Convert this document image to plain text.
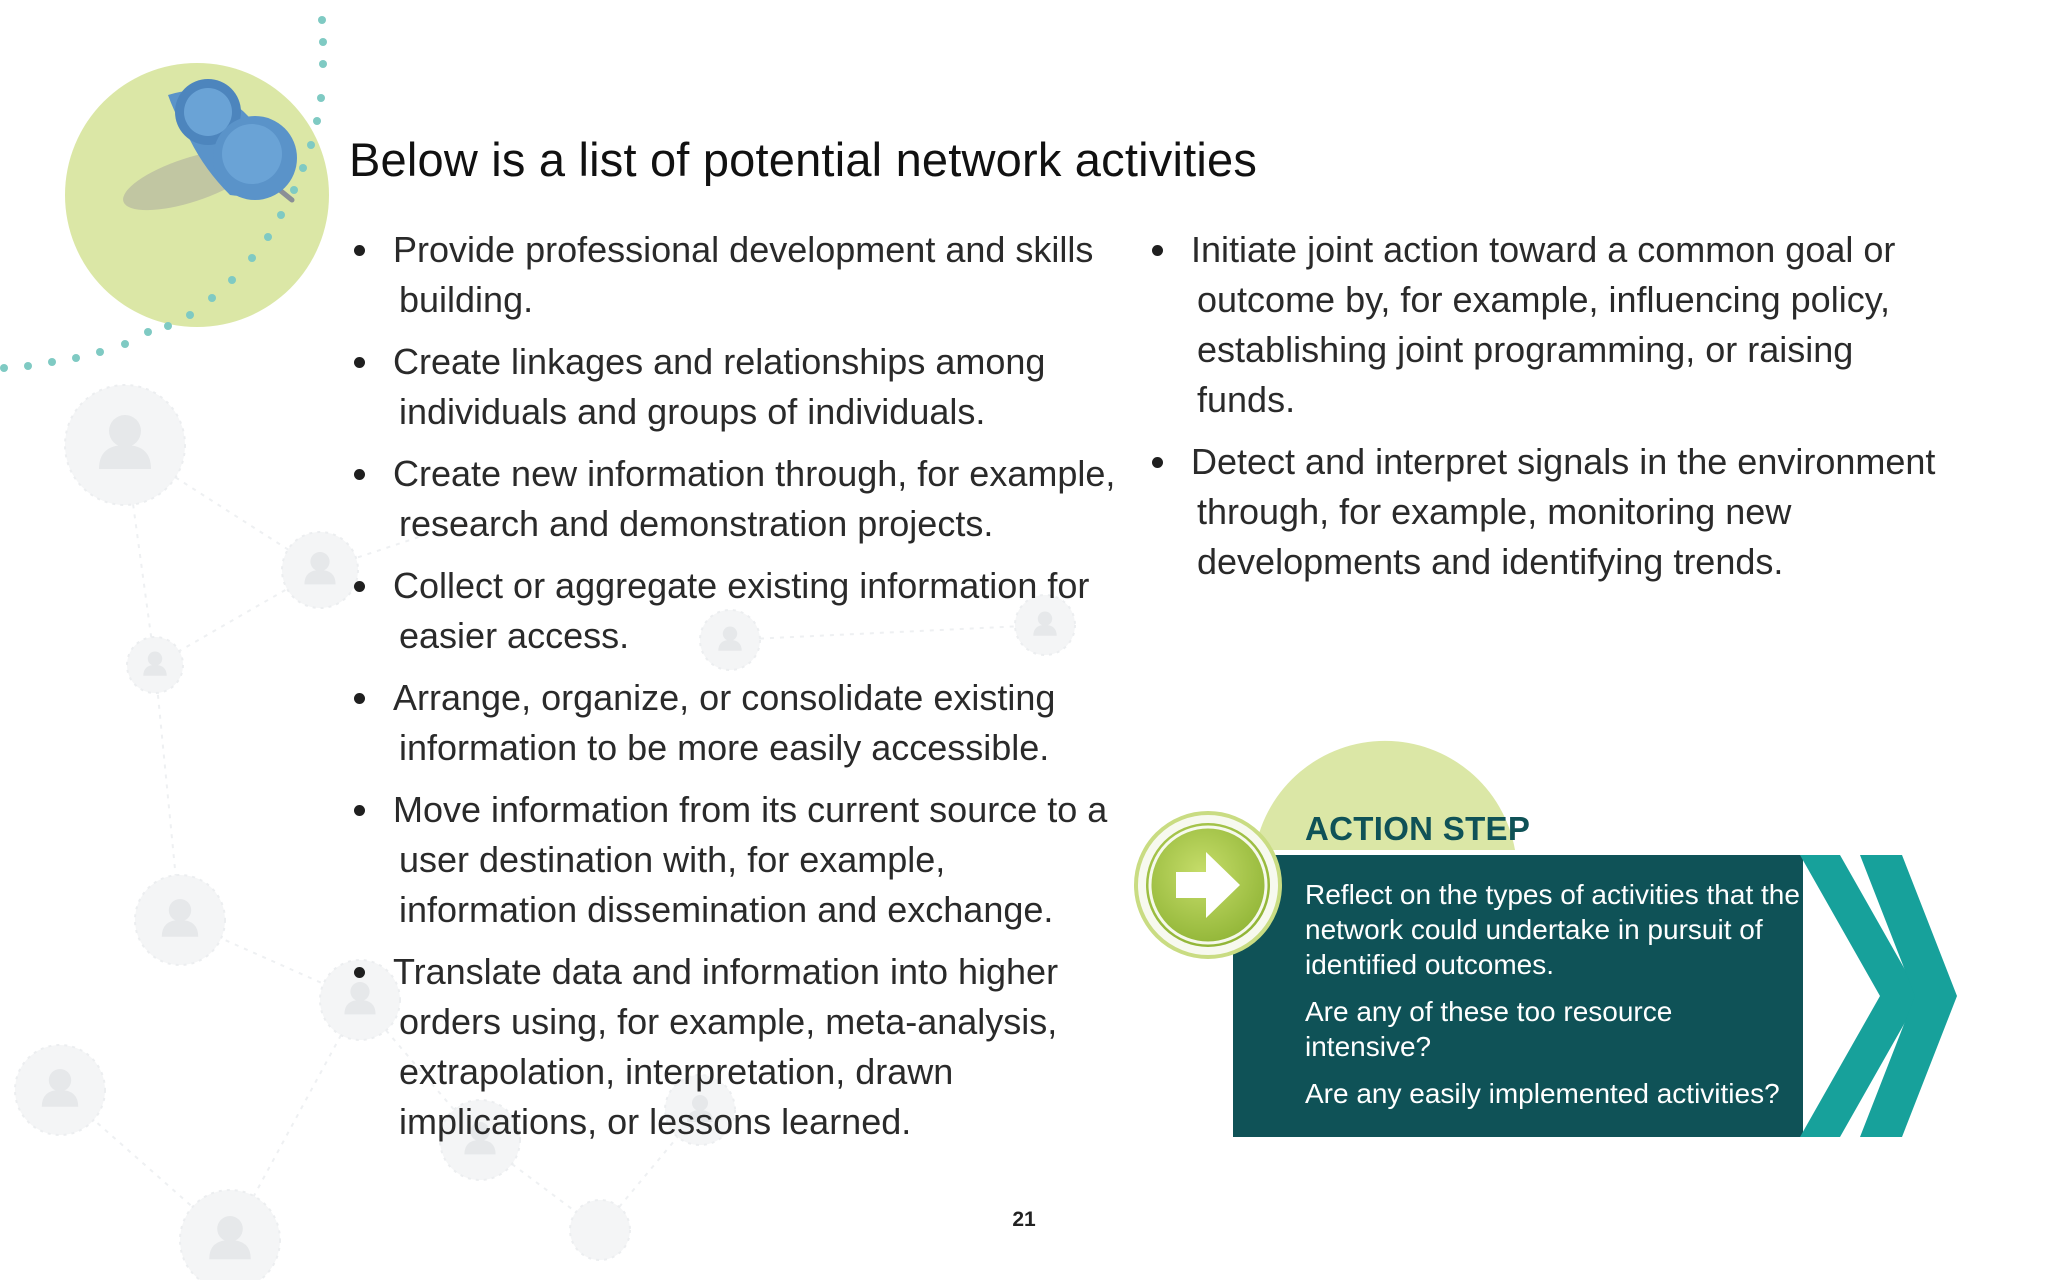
Below is a list of potential network activities
Provide professional development and skills building.
Create linkages and relationships among individuals and groups of individuals.
Create new information through, for example, research and demonstration projects.
Collect or aggregate existing information for easier access.
Arrange, organize, or consolidate existing information to be more easily accessible.
Move information from its current source to a user destination with, for example, information dissemination and exchange.
Translate data and information into higher orders using, for example, meta-analysis, extrapolation, interpretation, drawn implications, or lessons learned.
Initiate joint action toward a common goal or outcome by, for example, influencing policy, establishing joint programming, or raising funds.
Detect and interpret signals in the environment through, for example, monitoring new developments and identifying trends.
ACTION STEP

Reflect on the types of activities that the network could undertake in pursuit of identified outcomes.

Are any of these too resource intensive?

Are any easily implemented activities?

21
